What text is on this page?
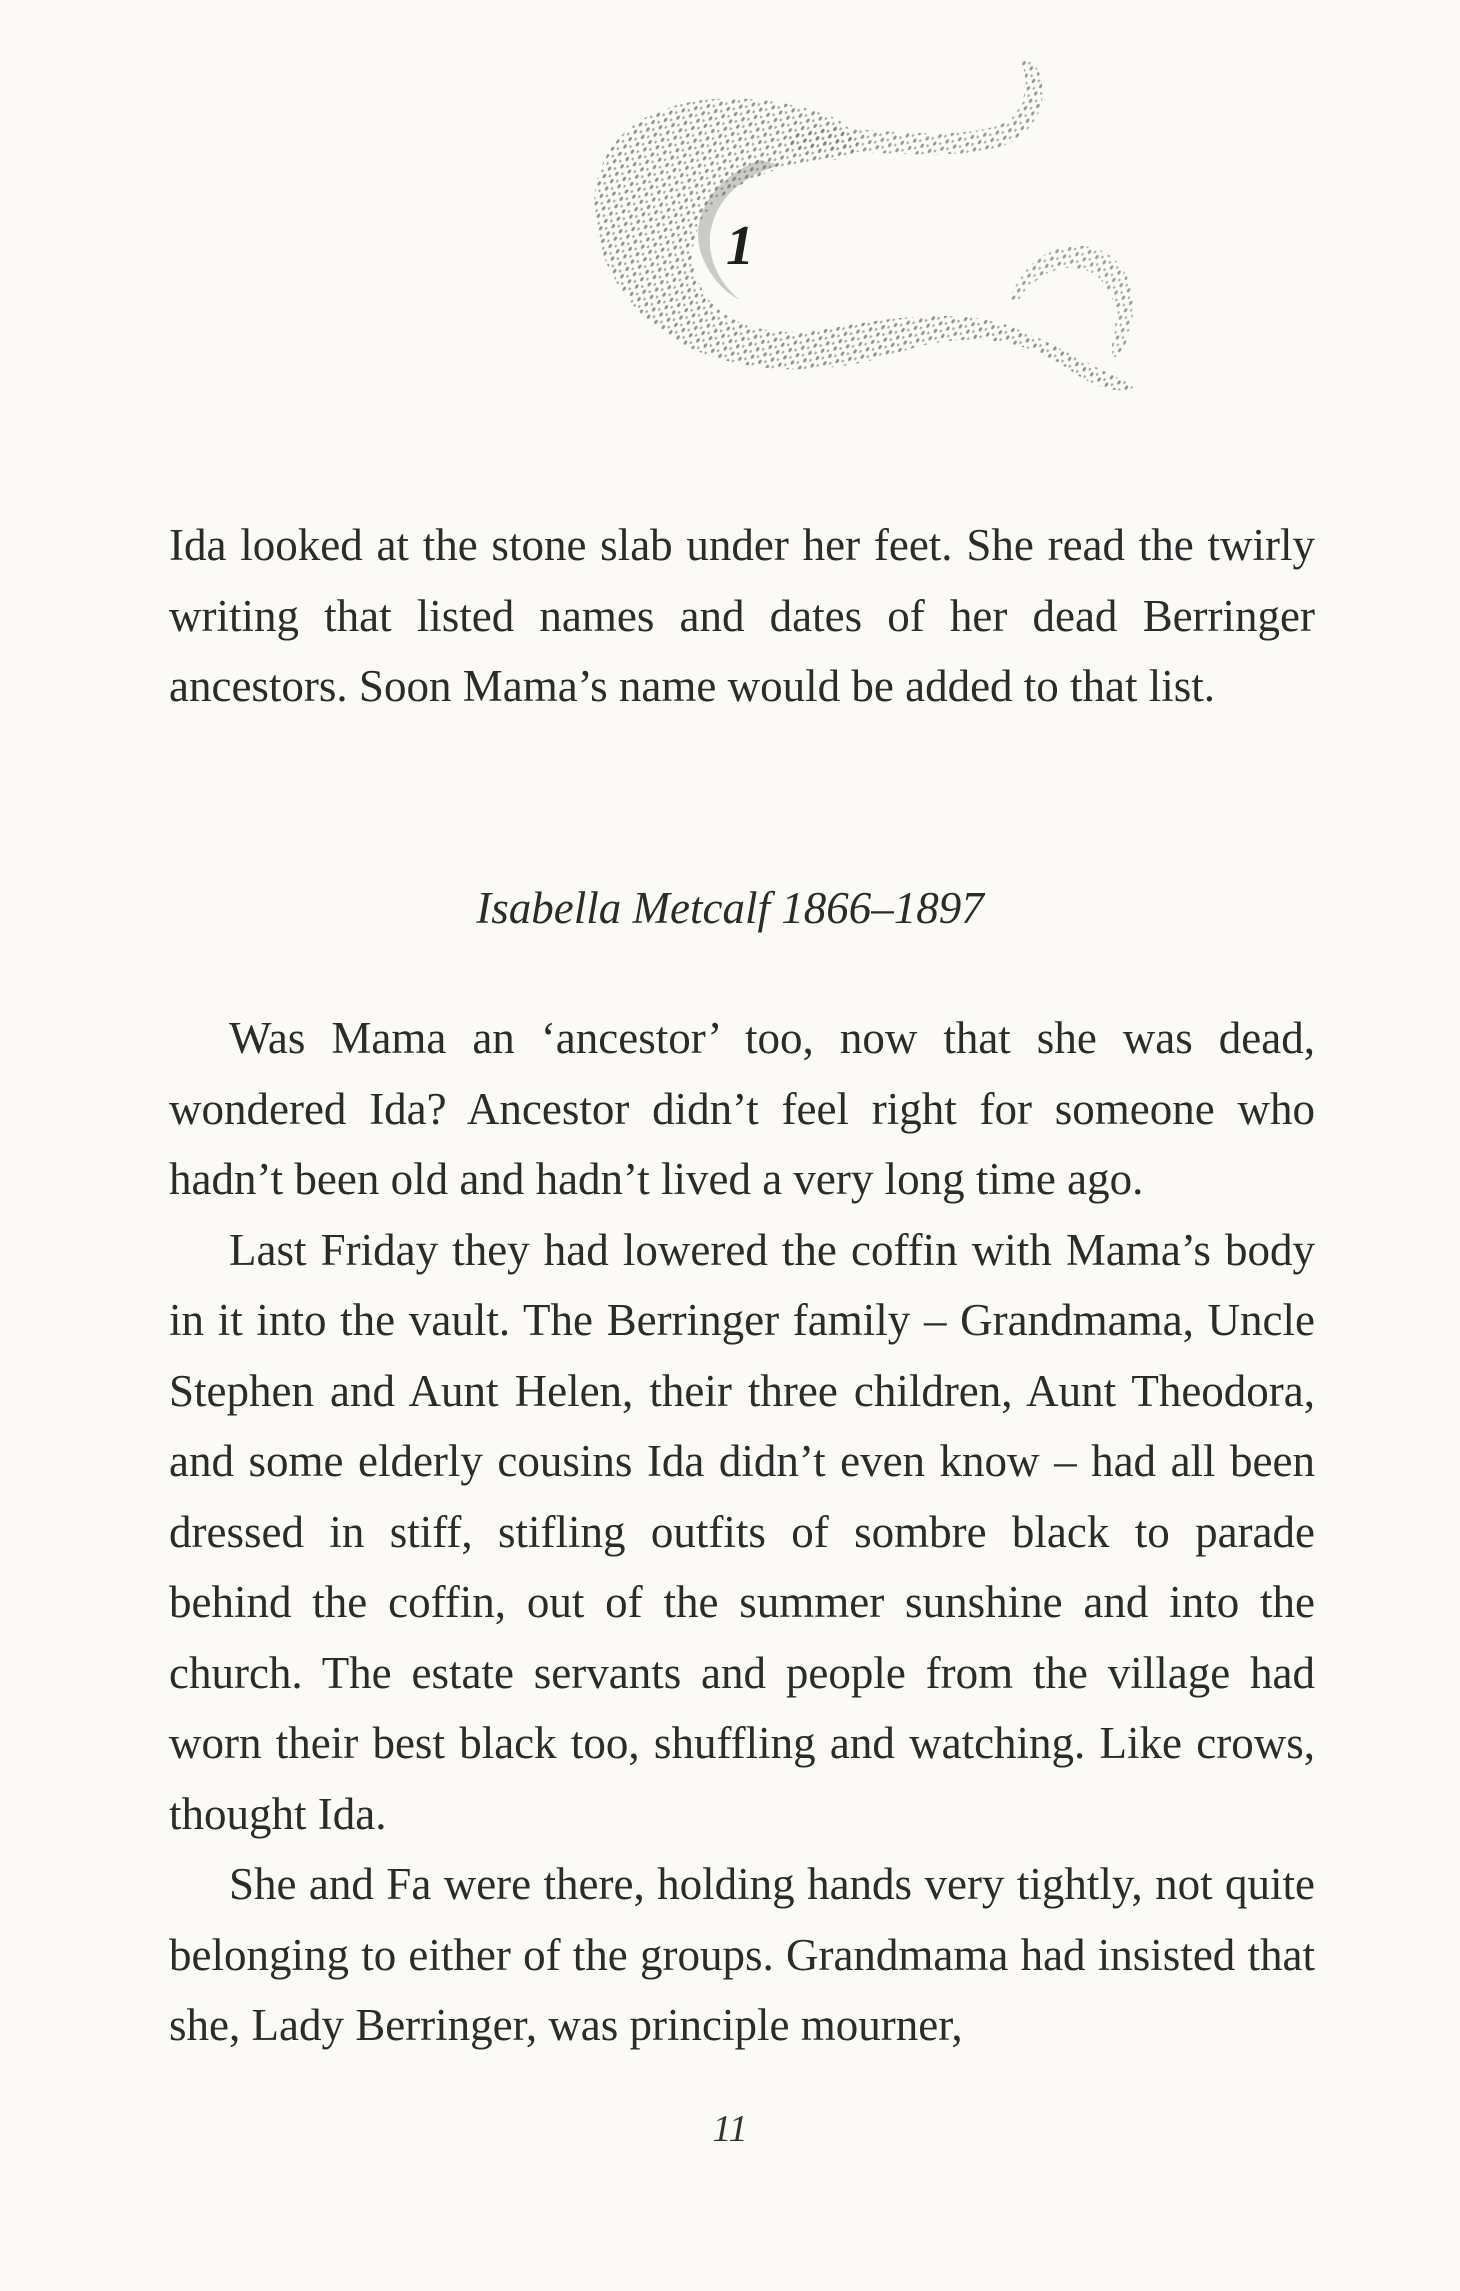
1

Ida looked at the stone slab under her feet. She read the twirly writing that listed names and dates of her dead Berringer ancestors. Soon Mama’s name would be added to that list.

Isabella Metcalf 1866–1897

Was Mama an ‘ancestor’ too, now that she was dead, wondered Ida? Ancestor didn’t feel right for someone who hadn’t been old and hadn’t lived a very long time ago.

Last Friday they had lowered the coffin with Mama’s body in it into the vault. The Berringer family – Grandmama, Uncle Stephen and Aunt Helen, their three children, Aunt Theodora, and some elderly cousins Ida didn’t even know – had all been dressed in stiff, stifling outfits of sombre black to parade behind the coffin, out of the summer sunshine and into the church. The estate servants and people from the village had worn their best black too, shuffling and watching. Like crows, thought Ida.

She and Fa were there, holding hands very tightly, not quite belonging to either of the groups. Grandmama had insisted that she, Lady Berringer, was principle mourner,

11
